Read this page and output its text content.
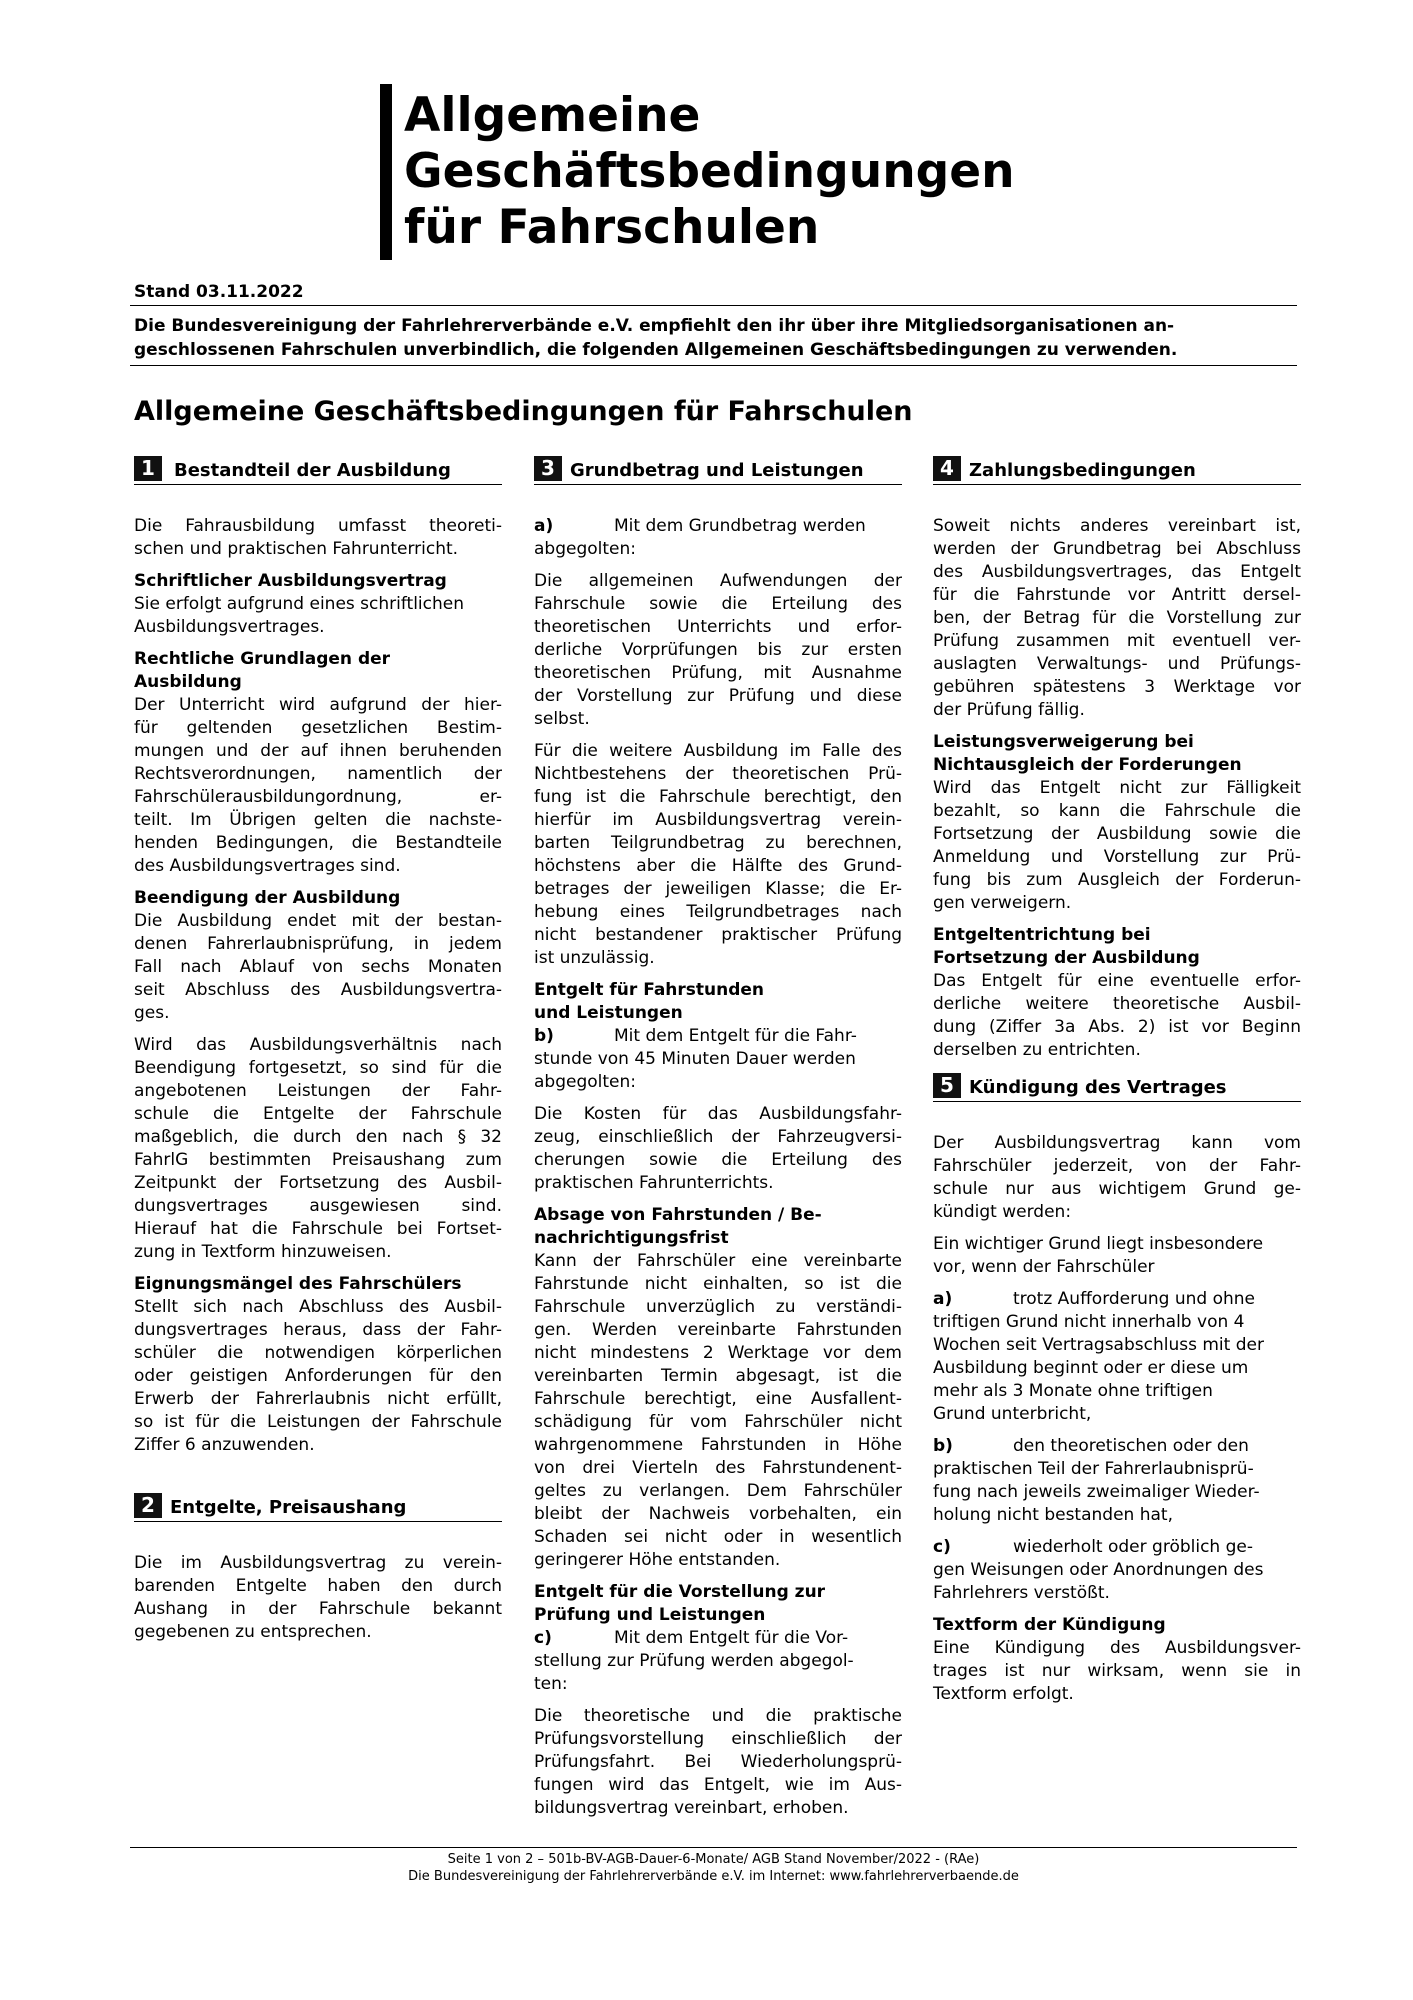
Allgemeine
Geschäftsbedingungen
für Fahrschulen
Stand 03.11.2022
Die Bundesvereinigung der Fahrlehrerverbände e.V. empfiehlt den ihr über ihre Mitgliedsorganisationen an-
geschlossenen Fahrschulen unverbindlich, die folgenden Allgemeinen Geschäftsbedingungen zu verwenden.
Allgemeine Geschäftsbedingungen für Fahrschulen
1	Bestandteil der Ausbildung
Die Fahrausbildung umfasst theoreti-
schen und praktischen Fahrunterricht.
Schriftlicher Ausbildungsvertrag
Sie erfolgt aufgrund eines schriftlichen
Ausbildungsvertrages.
Rechtliche Grundlagen der
Ausbildung
Der Unterricht wird aufgrund der hier-
für geltenden gesetzlichen Bestim-
mungen und der auf ihnen beruhenden
Rechtsverordnungen, namentlich der
Fahrschülerausbildungordnung, er-
teilt. Im Übrigen gelten die nachste-
henden Bedingungen, die Bestandteile
des Ausbildungsvertrages sind.
Beendigung der Ausbildung
Die Ausbildung endet mit der bestan-
denen Fahrerlaubnisprüfung, in jedem
Fall nach Ablauf von sechs Monaten
seit Abschluss des Ausbildungsvertra-
ges.
Wird das Ausbildungsverhältnis nach
Beendigung fortgesetzt, so sind für die
angebotenen Leistungen der Fahr-
schule die Entgelte der Fahrschule
maßgeblich, die durch den nach § 32
FahrlG bestimmten Preisaushang zum
Zeitpunkt der Fortsetzung des Ausbil-
dungsvertrages ausgewiesen sind.
Hierauf hat die Fahrschule bei Fortset-
zung in Textform hinzuweisen.
Eignungsmängel des Fahrschülers
Stellt sich nach Abschluss des Ausbil-
dungsvertrages heraus, dass der Fahr-
schüler die notwendigen körperlichen
oder geistigen Anforderungen für den
Erwerb der Fahrerlaubnis nicht erfüllt,
so ist für die Leistungen der Fahrschule
Ziffer 6 anzuwenden.
2 Entgelte, Preisaushang
Die im Ausbildungsvertrag zu verein-
barenden Entgelte haben den durch
Aushang in der Fahrschule bekannt
gegebenen zu entsprechen.
3 Grundbetrag und Leistungen
a)	Mit dem Grundbetrag werden
abgegolten:
Die allgemeinen Aufwendungen der
Fahrschule sowie die Erteilung des
theoretischen Unterrichts und erfor-
derliche Vorprüfungen bis zur ersten
theoretischen Prüfung, mit Ausnahme
der Vorstellung zur Prüfung und diese
selbst.
Für die weitere Ausbildung im Falle des
Nichtbestehens der theoretischen Prü-
fung ist die Fahrschule berechtigt, den
hierfür im Ausbildungsvertrag verein-
barten Teilgrundbetrag zu berechnen,
höchstens aber die Hälfte des Grund-
betrages der jeweiligen Klasse; die Er-
hebung eines Teilgrundbetrages nach
nicht bestandener praktischer Prüfung
ist unzulässig.
Entgelt für Fahrstunden
und Leistungen
b)	Mit dem Entgelt für die Fahr-
stunde von 45 Minuten Dauer werden
abgegolten:
Die Kosten für das Ausbildungsfahr-
zeug, einschließlich der Fahrzeugversi-
cherungen sowie die Erteilung des
praktischen Fahrunterrichts.
Absage von Fahrstunden / Be-
nachrichtigungsfrist
Kann der Fahrschüler eine vereinbarte
Fahrstunde nicht einhalten, so ist die
Fahrschule unverzüglich zu verständi-
gen. Werden vereinbarte Fahrstunden
nicht mindestens 2 Werktage vor dem
vereinbarten Termin abgesagt, ist die
Fahrschule berechtigt, eine Ausfallent-
schädigung für vom Fahrschüler nicht
wahrgenommene Fahrstunden in Höhe
von drei Vierteln des Fahrstundenent-
geltes zu verlangen. Dem Fahrschüler
bleibt der Nachweis vorbehalten, ein
Schaden sei nicht oder in wesentlich
geringerer Höhe entstanden.
Entgelt für die Vorstellung zur
Prüfung und Leistungen
c)	Mit dem Entgelt für die Vor-
stellung zur Prüfung werden abgegol-
ten:
Die theoretische und die praktische
Prüfungsvorstellung einschließlich der
Prüfungsfahrt. Bei Wiederholungsprü-
fungen wird das Entgelt, wie im Aus-
bildungsvertrag vereinbart, erhoben.
4 Zahlungsbedingungen
Soweit nichts anderes vereinbart ist,
werden der Grundbetrag bei Abschluss
des Ausbildungsvertrages, das Entgelt
für die Fahrstunde vor Antritt dersel-
ben, der Betrag für die Vorstellung zur
Prüfung zusammen mit eventuell ver-
auslagten Verwaltungs- und Prüfungs-
gebühren spätestens 3 Werktage vor
der Prüfung fällig.
Leistungsverweigerung bei
Nichtausgleich der Forderungen
Wird das Entgelt nicht zur Fälligkeit
bezahlt, so kann die Fahrschule die
Fortsetzung der Ausbildung sowie die
Anmeldung und Vorstellung zur Prü-
fung bis zum Ausgleich der Forderun-
gen verweigern.
Entgeltentrichtung bei
Fortsetzung der Ausbildung
Das Entgelt für eine eventuelle erfor-
derliche weitere theoretische Ausbil-
dung (Ziffer 3a Abs. 2) ist vor Beginn
derselben zu entrichten.
5 Kündigung des Vertrages
Der Ausbildungsvertrag kann vom
Fahrschüler jederzeit, von der Fahr-
schule nur aus wichtigem Grund ge-
kündigt werden:
Ein wichtiger Grund liegt insbesondere
vor, wenn der Fahrschüler
a)	trotz Aufforderung und ohne
triftigen Grund nicht innerhalb von 4
Wochen seit Vertragsabschluss mit der
Ausbildung beginnt oder er diese um
mehr als 3 Monate ohne triftigen
Grund unterbricht,
b)	den theoretischen oder den
praktischen Teil der Fahrerlaubnisprü-
fung nach jeweils zweimaliger Wieder-
holung nicht bestanden hat,
c)	wiederholt oder gröblich ge-
gen Weisungen oder Anordnungen des
Fahrlehrers verstößt.
Textform der Kündigung
Eine Kündigung des Ausbildungsver-
trages ist nur wirksam, wenn sie in
Textform erfolgt.
Seite 1 von 2 – 501b-BV-AGB-Dauer-6-Monate/ AGB Stand November/2022 - (RAe)
Die Bundesvereinigung der Fahrlehrerverbände e.V. im Internet: www.fahrlehrerverbaende.de
